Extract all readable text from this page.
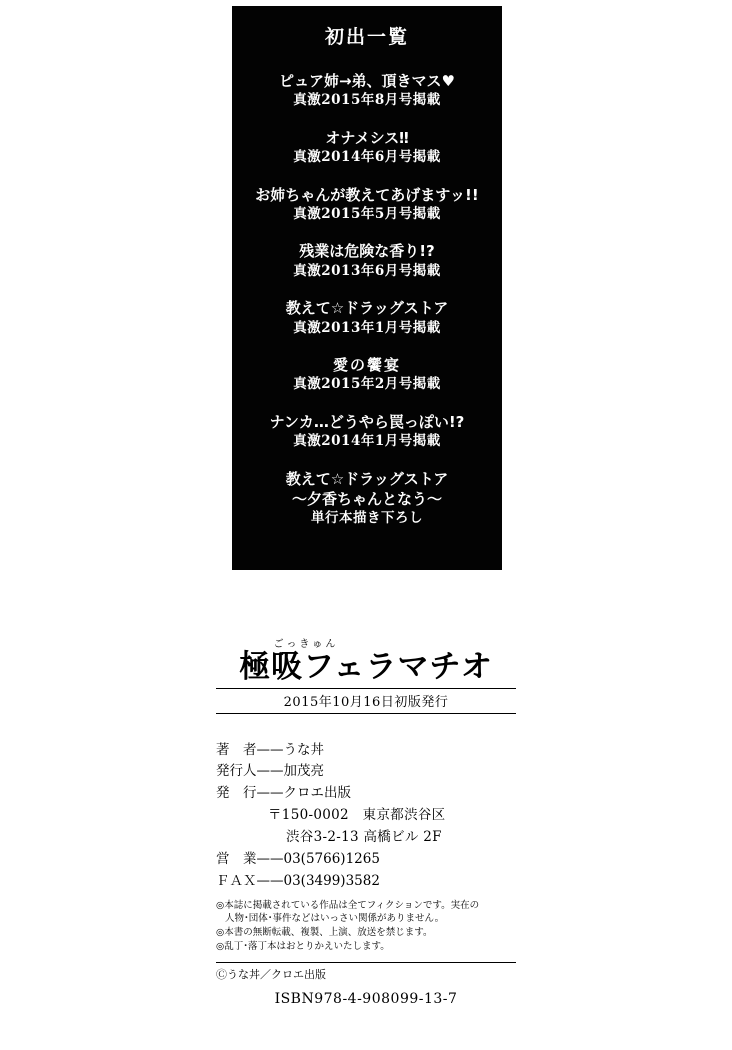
初出一覧
ピュア姉→弟、頂きマス♥
真激2015年8月号掲載
オナメシス‼
真激2014年6月号掲載
お姉ちゃんが教えてあげますッ!!
真激2015年5月号掲載
残業は危険な香り!?
真激2013年6月号掲載
教えて☆ドラッグストア
真激2013年1月号掲載
愛の饗宴
真激2015年2月号掲載
ナンカ…どうやら罠っぽい!?
真激2014年1月号掲載
教えて☆ドラッグストア
～夕香ちゃんとなう～
単行本描き下ろし
ごっきゅん
極吸フェラマチオ
2015年10月16日初版発行
著　者——うな丼
発行人——加茂亮
発　行——クロエ出版
〒150-0002　東京都渋谷区
渋谷3-2-13 高橋ビル 2F
営　業——03(5766)1265
ＦＡＸ——03(3499)3582
◎本誌に掲載されている作品は全てフィクションです。実在の
人物･団体･事件などはいっさい関係がありません。
◎本書の無断転載、複製、上演、放送を禁じます。
◎乱丁･落丁本はおとりかえいたします。
Ⓒうな丼／クロエ出版
ISBN978-4-908099-13-7
